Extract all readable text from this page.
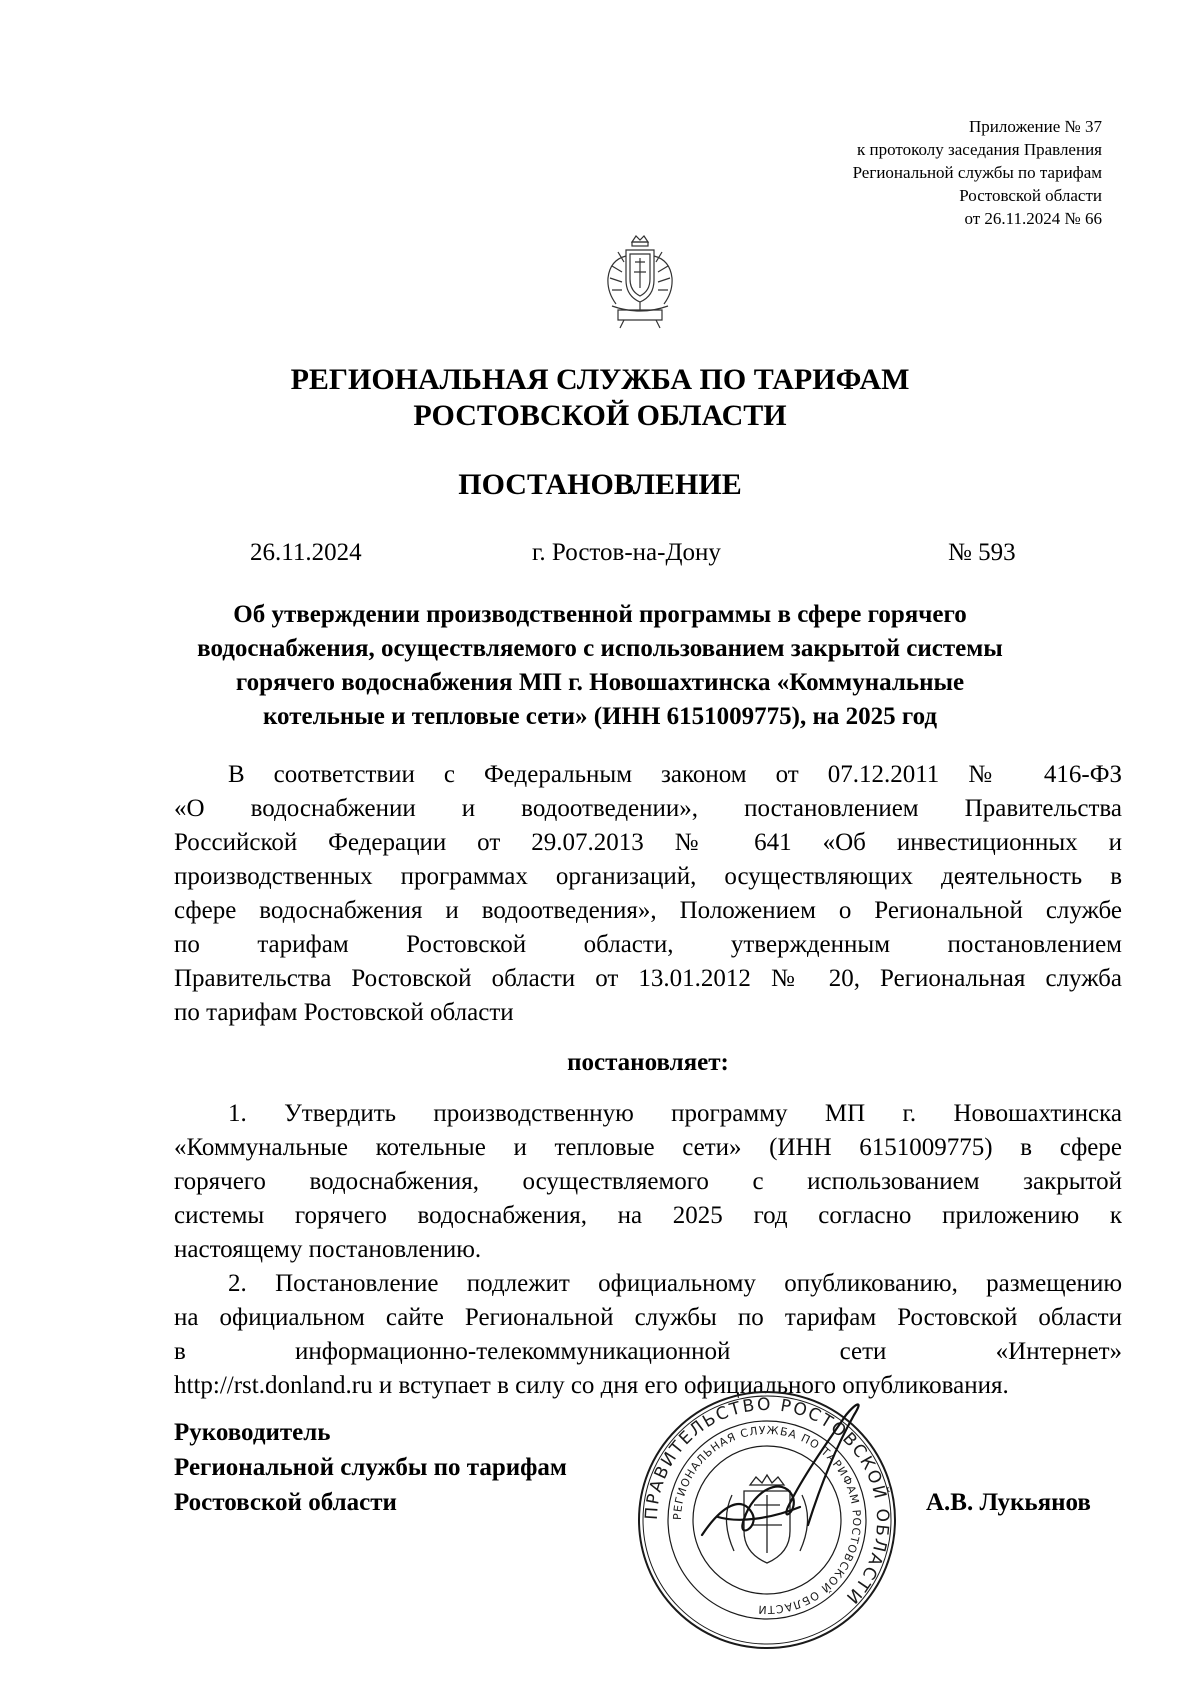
Приложение № 37
к протоколу заседания Правления
Региональной службы по тарифам
Ростовской области
от 26.11.2024 № 66
РЕГИОНАЛЬНАЯ СЛУЖБА ПО ТАРИФАМ
РОСТОВСКОЙ ОБЛАСТИ
ПОСТАНОВЛЕНИЕ
26.11.2024	г. Ростов-на-Дону	№ 593
Об утверждении производственной программы в сфере горячего
водоснабжения, осуществляемого с использованием закрытой системы
горячего водоснабжения МП г. Новошахтинска «Коммунальные
котельные и тепловые сети» (ИНН 6151009775), на 2025 год
В соответствии с Федеральным законом от 07.12.2011 № 416-ФЗ
«О водоснабжении и водоотведении», постановлением Правительства
Российской Федерации от 29.07.2013 № 641 «Об инвестиционных и
производственных программах организаций, осуществляющих деятельность в
сфере водоснабжения и водоотведения», Положением о Региональной службе
по тарифам Ростовской области, утвержденным постановлением
Правительства Ростовской области от 13.01.2012 № 20, Региональная служба
по тарифам Ростовской области
постановляет:
1. Утвердить производственную программу МП г. Новошахтинска
«Коммунальные котельные и тепловые сети» (ИНН 6151009775) в сфере
горячего водоснабжения, осуществляемого с использованием закрытой
системы горячего водоснабжения, на 2025 год согласно приложению к
настоящему постановлению.
2. Постановление подлежит официальному опубликованию, размещению
на официальном сайте Региональной службы по тарифам Ростовской области
в информационно-телекоммуникационной сети «Интернет»
http://rst.donland.ru и вступает в силу со дня его официального опубликования.
Руководитель
Региональной службы по тарифам
Ростовской области	ПРАВИТЕЛЬСТВО РОСТОВСКОЙ ОБЛАСТИ
РЕГИОНАЛЬНАЯ СЛУЖБА ПО ТАРИФАМ РОСТОВСКОЙ ОБЛАСТИ
А.В. Лукьянов
